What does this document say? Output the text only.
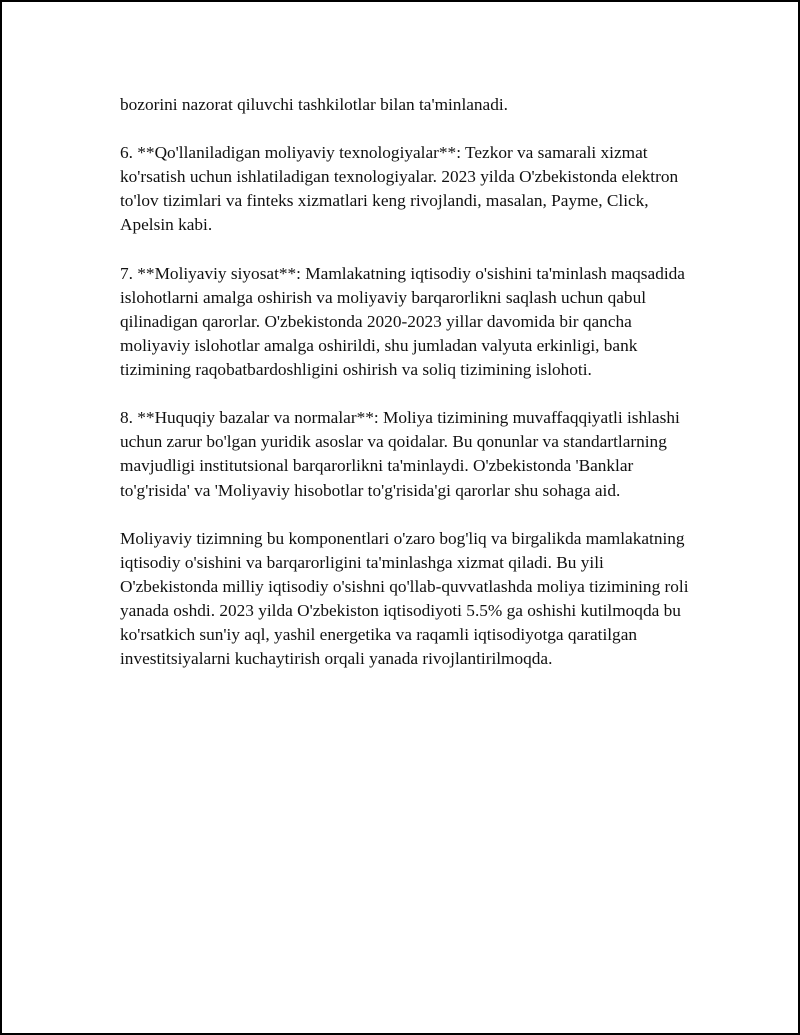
bozorini nazorat qiluvchi tashkilotlar bilan ta'minlanadi.

6. **Qo'llaniladigan moliyaviy texnologiyalar**: Tezkor va samarali xizmat ko'rsatish uchun ishlatiladigan texnologiyalar. 2023 yilda O'zbekistonda elektron to'lov tizimlari va finteks xizmatlari keng rivojlandi, masalan, Payme, Click, Apelsin kabi.

7. **Moliyaviy siyosat**: Mamlakatning iqtisodiy o'sishini ta'minlash maqsadida islohotlarni amalga oshirish va moliyaviy barqarorlikni saqlash uchun qabul qilinadigan qarorlar. O'zbekistonda 2020-2023 yillar davomida bir qancha moliyaviy islohotlar amalga oshirildi, shu jumladan valyuta erkinligi, bank tizimining raqobatbardoshligini oshirish va soliq tizimining islohoti.

8. **Huquqiy bazalar va normalar**: Moliya tizimining muvaffaqqiyatli ishlashi uchun zarur bo'lgan yuridik asoslar va qoidalar. Bu qonunlar va standartlarning mavjudligi institutsional barqarorlikni ta'minlaydi. O'zbekistonda 'Banklar to'g'risida' va 'Moliyaviy hisobotlar to'g'risida'gi qarorlar shu sohaga aid.

Moliyaviy tizimning bu komponentlari o'zaro bog'liq va birgalikda mamlakatning iqtisodiy o'sishini va barqarorligini ta'minlashga xizmat qiladi. Bu yili O'zbekistonda milliy iqtisodiy o'sishni qo'llab-quvvatlashda moliya tizimining roli yanada oshdi. 2023 yilda O'zbekiston iqtisodiyoti 5.5% ga oshishi kutilmoqda bu ko'rsatkich sun'iy aql, yashil energetika va raqamli iqtisodiyotga qaratilgan investitsiyalarni kuchaytirish orqali yanada rivojlantirilmoqda.
